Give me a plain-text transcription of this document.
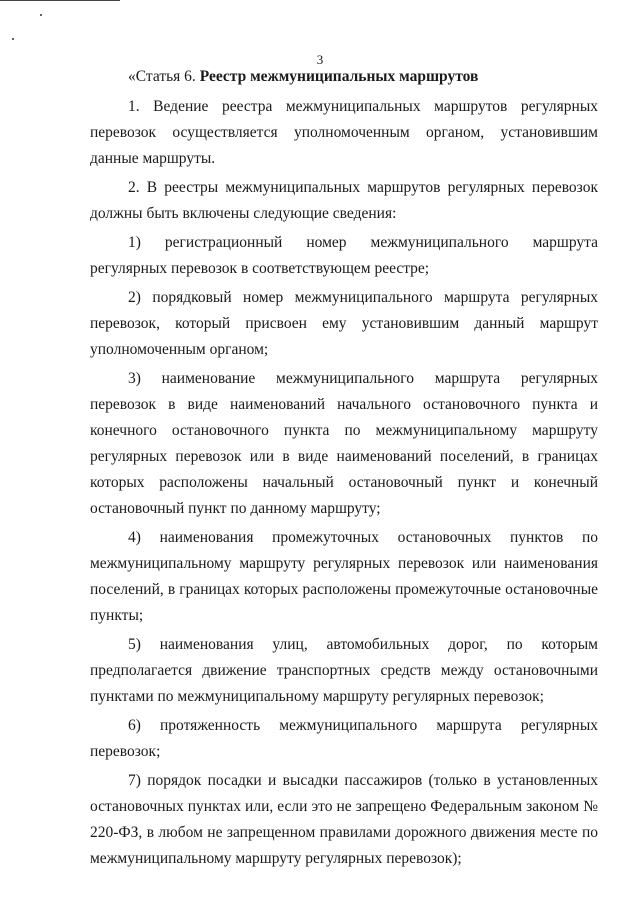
3

«Статья 6. Реестр межмуниципальных маршрутов

1. Ведение реестра межмуниципальных маршрутов регулярных перевозок осуществляется уполномоченным органом, установившим данные маршруты.

2. В реестры межмуниципальных маршрутов регулярных перевозок должны быть включены следующие сведения:

1) регистрационный номер межмуниципального маршрута регулярных перевозок в соответствующем реестре;

2) порядковый номер межмуниципального маршрута регулярных перевозок, который присвоен ему установившим данный маршрут уполномоченным органом;

3) наименование межмуниципального маршрута регулярных перевозок в виде наименований начального остановочного пункта и конечного остановочного пункта по межмуниципальному маршруту регулярных перевозок или в виде наименований поселений, в границах которых расположены начальный остановочный пункт и конечный остановочный пункт по данному маршруту;

4) наименования промежуточных остановочных пунктов по межмуниципальному маршруту регулярных перевозок или наименования поселений, в границах которых расположены промежуточные остановочные пункты;

5) наименования улиц, автомобильных дорог, по которым предполагается движение транспортных средств между остановочными пунктами по межмуниципальному маршруту регулярных перевозок;

6) протяженность межмуниципального маршрута регулярных перевозок;

7) порядок посадки и высадки пассажиров (только в установленных остановочных пунктах или, если это не запрещено Федеральным законом № 220-ФЗ, в любом не запрещенном правилами дорожного движения месте по межмуниципальному маршруту регулярных перевозок);
